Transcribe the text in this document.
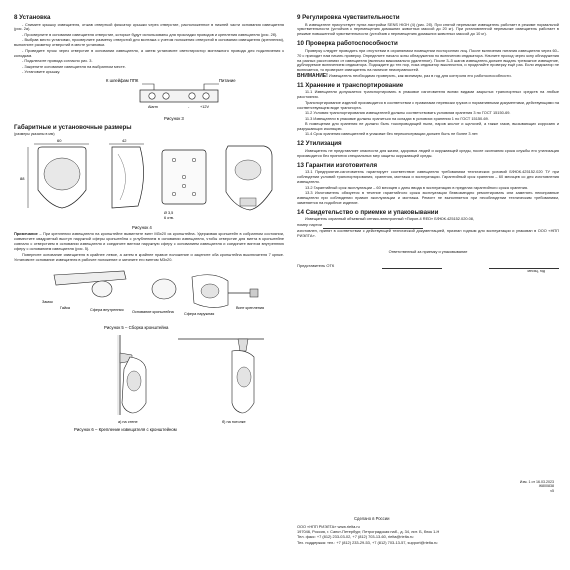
8 Установка
- Снимите крышку извещателя, отжав отверткой фиксатор крышки через отверстие, расположенное в нижней части основания извещателя (рис. 2а).
- Просверлите в основании извещателя отверстие, которые будут использованы для прокладки проводов и крепления извещателя (рис. 2б).
- Выбрав место установки, просверлите разметку отверстий для монтажа с учетом положения отверстий в основании извещателя (крепления), выполните разметку отверстий в месте установки.
- Проведите пучок через отверстие в основании извещателя, а затем установите светотиристор монтажного провода для подключения к колодкам.
- Подключите провода согласно рис. 3.
- Закрепите основание извещателя на выбранном месте.
- Установите крышку.
К шлейфам ППК	Питание
Alarm	-	+12V
Рисунок 3
Габаритные и установочные размеры
(размеры указаны в мм)
60
88
42
Ø 3,5
6 отв.
Рисунок 4
Примечание – При креплении извещателя на кронштейне вывинтите винт М3х20 из кронштейна. Удерживая кронштейн в собранном состоянии, совместите квадратный выступ наружной сферы кронштейна с углублением в основании извещателя, чтобы отверстие для винта в кронштейне совпало с отверстием в основании извещателя и соедините винтом наружную сферу с основанием извещателя и соедините винтом внутреннюю сферу с основанием извещателя (рис. 5).
Поверните основание извещателя в крайнее левое, а затем в крайнее правое положение и зацепите оба кронштейна выключателя 7 крюке. Установите основание извещателя в рабочее положение и затяните его винтом М3х20.
Замок
Гайка	Сфера внутренняя Основание кронштейна	Сфера наружная
Винт крепления
Рисунок 5 – Сборка кронштейна
а) на стене	б) на потолке
Рисунок 6 – Крепление извещателя с кронштейном
9 Регулировка чувствительности
В извещателе присутствует пульт-настройки SENS HIGH (4) (рис. 2б). При снятой перемычке извещатель работает в режиме нормальной чувствительности (устойчив к перемещению домашних животных массой до 20 кг). При установленной перемычке извещатель работает в режиме повышенной чувствительности (устойчив к перемещению домашних животных массой до 10 кг).
10 Проверка работоспособности
Проверку следует проводить при отсутствии в охраняемом помещении посторонних лиц. После включения питания извещателя через 60–70 с приходит нам начать проверку. Определите начало зоны обнаружения по включению индикатора. Начните проход через зону обнаружения на разных расстояниях от извещателя (включая максимально удаленное). После 3–5 шагов извещатель должен выдать тревожное извещение, дублируемое включением индикатора. Подождите до тех пор, пока индикатор выключится, и проделайте проверку ещё раз. Если индикатор не включается, то проверьте извещатель на наличие неисправностей.
ВНИМАНИЕ! Извещатель необходимо проверять, как минимум, раз в год для контроля его работоспособности.
11 Хранение и транспортирование
11.1 Извещатели допускается транспортировать в упаковке изготовителя всеми видами закрытых транспортных средств на любые расстояния.
Транспортирование изделий производится в соответствии с правилами перевозки грузов и нормативными документами, действующими на соответствующем виде транспорта.
11.2 Условия транспортирования извещателей должны соответствовать условиям хранения 3 по ГОСТ 15150-69.
11.3 Извещатели в упаковке должны храниться на складах в условиях хранения 1 по ГОСТ 15150-69.
В помещении для хранения не должно быть токопроводящей пыли, паров кислот и щелочей, а также газов, вызывающих коррозию и разрушающих изоляцию.
11.4 Срок хранения извещателей в упаковке без переконсервации должен быть не более 3 лет.
12 Утилизация
Извещатель не представляет опасности для жизни, здоровья людей и окружающей среды, после окончания срока службы его утилизация производится без принятия специальных мер защиты окружающей среды.
13 Гарантии изготовителя
13.1 Предприятие-изготовитель гарантирует соответствие извещателя требованиям технических условий БФЮК.425152.020 ТУ при соблюдении условий транспортирования, хранения, монтажа и эксплуатации. Гарантийный срок хранения – 60 месяцев со дня изготовления извещателя.
13.2 Гарантийный срок эксплуатации – 60 месяцев с даты ввода в эксплуатацию в пределах гарантийного срока хранения.
13.3 Изготовитель обязуется в течение гарантийного срока эксплуатации безвозмездно ремонтировать или заменять неисправные извещатели при соблюдении правил эксплуатации и монтажа. Ремонт не выполняется при несоблюдении техническим требованиям, заменяется на подобное изделие.
14 Свидетельство о приемке и упаковывании
Извещатель охранный объемный оптико-электронный «Пирон-4 RED» БФЮК.425152.020.08,
номер партии
изготовлен, принят в соответствии с действующей технической документацией, признан годным для эксплуатации и упакован в ООО «НПП РИЭЛТА».
Ответственный за приемку и упаковывание
Представитель ОТК

месяц, год
Изм. 1 от 16.03.2023
Ж800838
v5
Сделано в России
ООО «НПП РИЭЛТА» www.rielta.ru
197046, Россия, г. Санкт-Петербург, Петроградская наб., д. 34, лит. Б, блок 1-Н
Тел. факс: +7 (812) 233-03-02, +7 (812) 703-13-60, rielta@rielta.ru
Тех. поддержка: тел.: +7 (812) 233-29-53, +7 (812) 703-13-57, support@rielta.ru
